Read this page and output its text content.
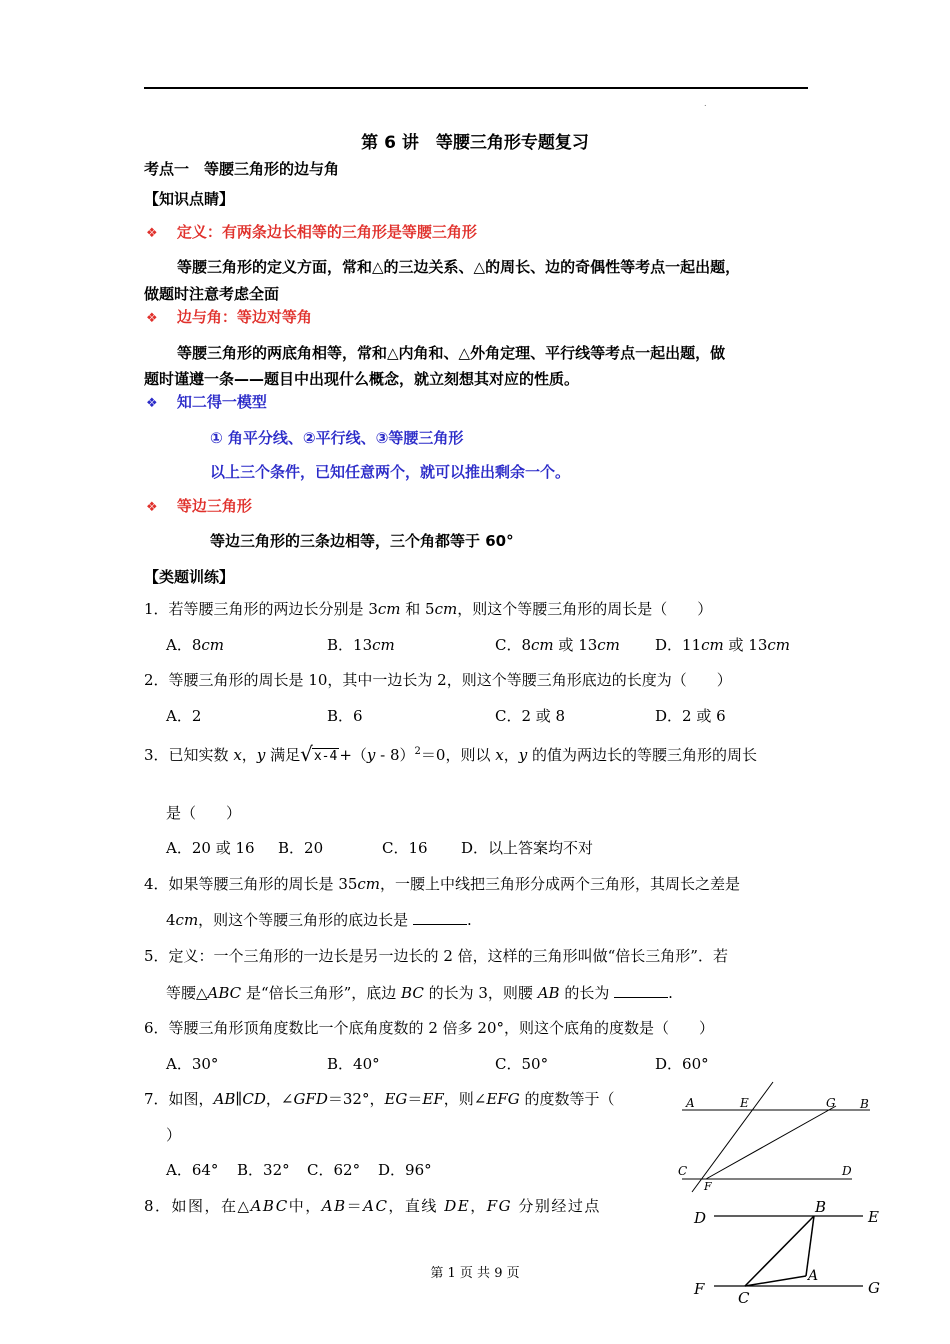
.
第 6 讲　等腰三角形专题复习
考点一　等腰三角形的边与角
【知识点睛】
❖ 定义：有两条边长相等的三角形是等腰三角形
等腰三角形的定义方面，常和△的三边关系、△的周长、边的奇偶性等考点一起出题，
做题时注意考虑全面
❖ 边与角：等边对等角
等腰三角形的两底角相等，常和△内角和、△外角定理、平行线等考点一起出题，做
题时谨遵一条——题目中出现什么概念，就立刻想其对应的性质。
❖ 知二得一模型
① 角平分线、②平行线、③等腰三角形
以上三个条件，已知任意两个，就可以推出剩余一个。
❖ 等边三角形
等边三角形的三条边相等，三个角都等于 60°
【类题训练】
1．若等腰三角形的两边长分别是 3cm 和 5cm，则这个等腰三角形的周长是（　　）
A．8cm	B．13cm	C．8cm 或 13cm D．11cm 或 13cm
2．等腰三角形的周长是 10，其中一边长为 2，则这个等腰三角形底边的长度为（　　）
A．2	B．6	C．2 或 8	D．2 或 6
3．已知实数 x，y 满足√x-4 +（y - 8）$^2$＝0，则以 x，y 的值为两边长的等腰三角形的周长
是（　　）
A．20 或 16 B．20	C．16 D．以上答案均不对
4．如果等腰三角形的周长是 35cm，一腰上中线把三角形分成两个三角形，其周长之差是
4cm，则这个等腰三角形的底边长是	.
5．定义：一个三角形的一边长是另一边长的 2 倍，这样的三角形叫做“倍长三角形”．若
等腰△ABC 是“倍长三角形”，底边 BC 的长为 3，则腰 AB 的长为	.
6．等腰三角形顶角度数比一个底角度数的 2 倍多 20°，则这个底角的度数是（　　）
A．30°	B．40°	C．50°	D．60°
7．如图，AB∥CD，∠GFD＝32°，EG＝EF，则∠EFG 的度数等于（
）
A．64° B．32° C．62° D．96°
8．如图，在△ABC中，AB＝AC，直线 DE，FG 分别经过点
A	E	G B
C	D
F
D
B
E
A
F C
G
第 1 页 共 9 页
